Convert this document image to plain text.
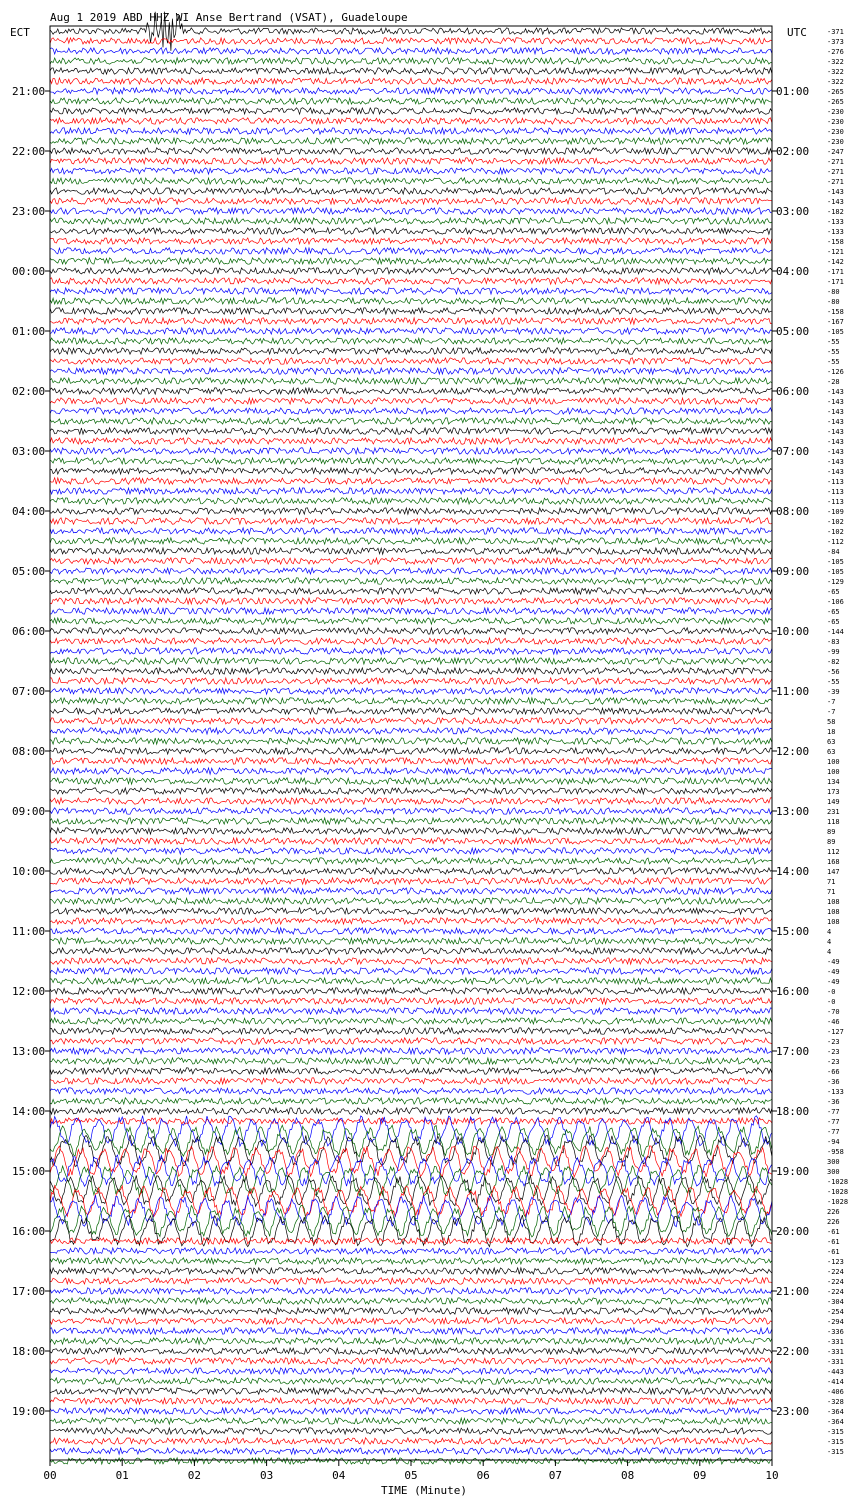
Aug 1 2019 ABD HHZ WI Anse Bertrand (VSAT), Guadeloupe
ECT	UTC
TIME (Minute)
-371
-373
-276
-322
-322
-322
-265
-265
-230
-230
-230
-230
-247
-271
-271
-271
-143
-143
-182
-133
-133
-158
-121
-142
-171
-171
-80
-80
-158
-167
-105
-55
-55
-55
-126
-28
-143
-143
-143
-143
-143
-143
-143
-143
-143
-113
-113
-113
-109
-102
-102
-112
-84
-105
-105
-129
-65
-106
-65
-65
-144
-83
-99
-82
-56
-55
-39
-7
-7
58
18
63
63
100
100
134
173
149
231
118
89
89
112
168
147
71
71
108
108
108
4
4
4
-49
-49
-49
-0
-0
-70
-46
-127
-23
-23
-23
-66
-36
-133
-36
-77
-77
-77
-94
-958
300
300
-1028
-1028
-1028
226
226
-61
-61
-61
-123
-224
-224
-224
-304
-254
-294
-336
-331
-331
-331
-443
-414
-406
-328
-364
-364
-315
-315
-315
21:00
22:00
23:00
00:00
01:00
02:00
03:00
04:00
05:00
06:00
07:00
08:00
09:00
10:00
11:00
12:00
13:00
14:00
15:00
16:00
17:00
18:00
19:00
01:00
02:00
03:00
04:00
05:00
06:00
07:00
08:00
09:00
10:00
11:00
12:00
13:00
14:00
15:00
16:00
17:00
18:00
19:00
20:00
21:00
22:00
23:00
00	01	02	03	04	05	06	07	08	09	10
